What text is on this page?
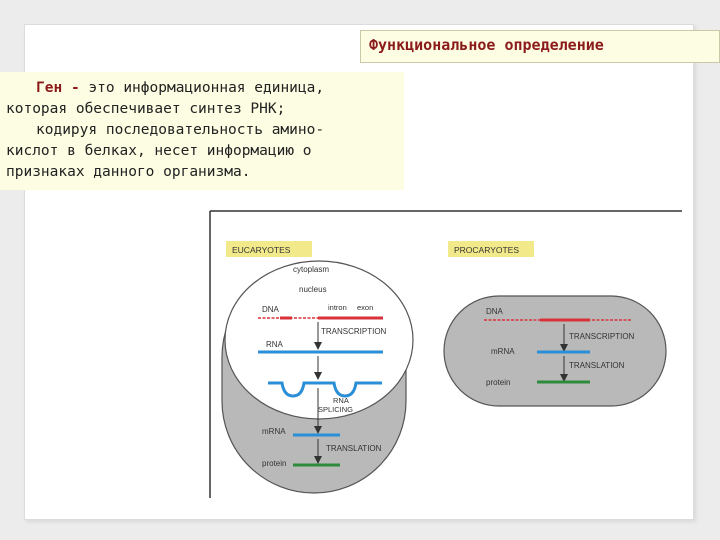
Функциональное определение
Ген - это информационная единица,
которая обеспечивает синтез РНК;
кодируя последовательность амино-
кислот в белках, несет информацию о
признаках данного организма.
EUCARYOTES
cytoplasm
nucleus
intron exon
DNA
TRANSCRIPTION
RNA
RNA
SPLICING
mRNA
TRANSLATION
protein
PROCARYOTES
DNA
TRANSCRIPTION
mRNA
TRANSLATION
protein
